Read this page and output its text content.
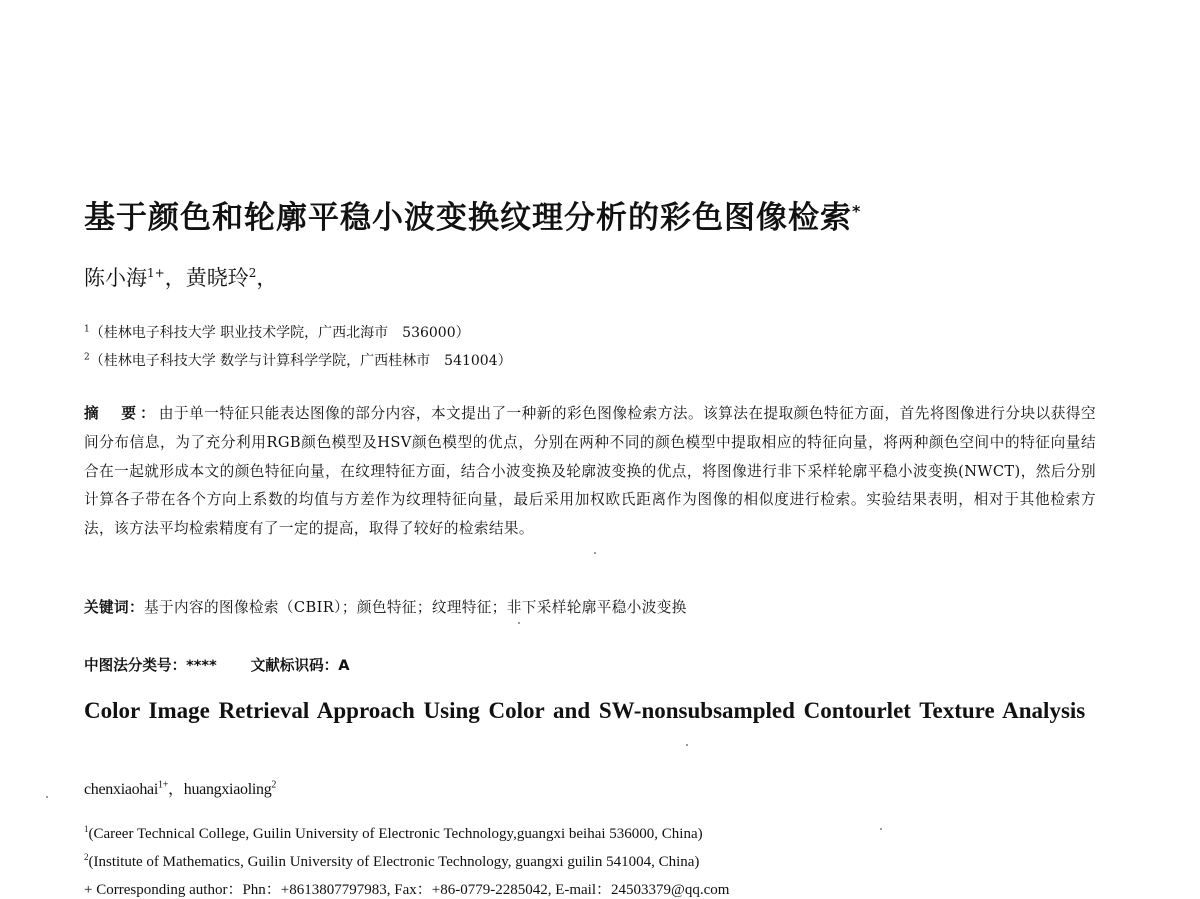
基于颜色和轮廓平稳小波变换纹理分析的彩色图像检索*
陈小海$^{1+}$，黄晓玲$^2$，
$^1$（桂林电子科技大学 职业技术学院，广西北海市　536000）
$^2$（桂林电子科技大学 数学与计算科学学院，广西桂林市　541004）
摘　要：由于单一特征只能表达图像的部分内容，本文提出了一种新的彩色图像检索方法。该算法在提取颜色特征方面，首先将图像进行分块以获得空间分布信息，为了充分利用RGB颜色模型及HSV颜色模型的优点，分别在两种不同的颜色模型中提取相应的特征向量，将两种颜色空间中的特征向量结合在一起就形成本文的颜色特征向量，在纹理特征方面，结合小波变换及轮廓波变换的优点，将图像进行非下采样轮廓平稳小波变换(NWCT)，然后分别计算各子带在各个方向上系数的均值与方差作为纹理特征向量，最后采用加权欧氏距离作为图像的相似度进行检索。实验结果表明，相对于其他检索方法，该方法平均检索精度有了一定的提高，取得了较好的检索结果。
关键词：基于内容的图像检索（CBIR）；颜色特征；纹理特征；非下采样轮廓平稳小波变换
中图法分类号：**** 文献标识码：A
Color Image Retrieval Approach Using Color and SW-nonsubsampled Contourlet Texture Analysis
chenxiaohai$^{1+}$，huangxiaoling$^2$
$^1$(Career Technical College, Guilin University of Electronic Technology,guangxi beihai 536000, China)
$^2$(Institute of Mathematics, Guilin University of Electronic Technology, guangxi guilin 541004, China)
+ Corresponding author：Phn：+8613807797983, Fax：+86-0779-2285042, E-mail：24503379@qq.com
